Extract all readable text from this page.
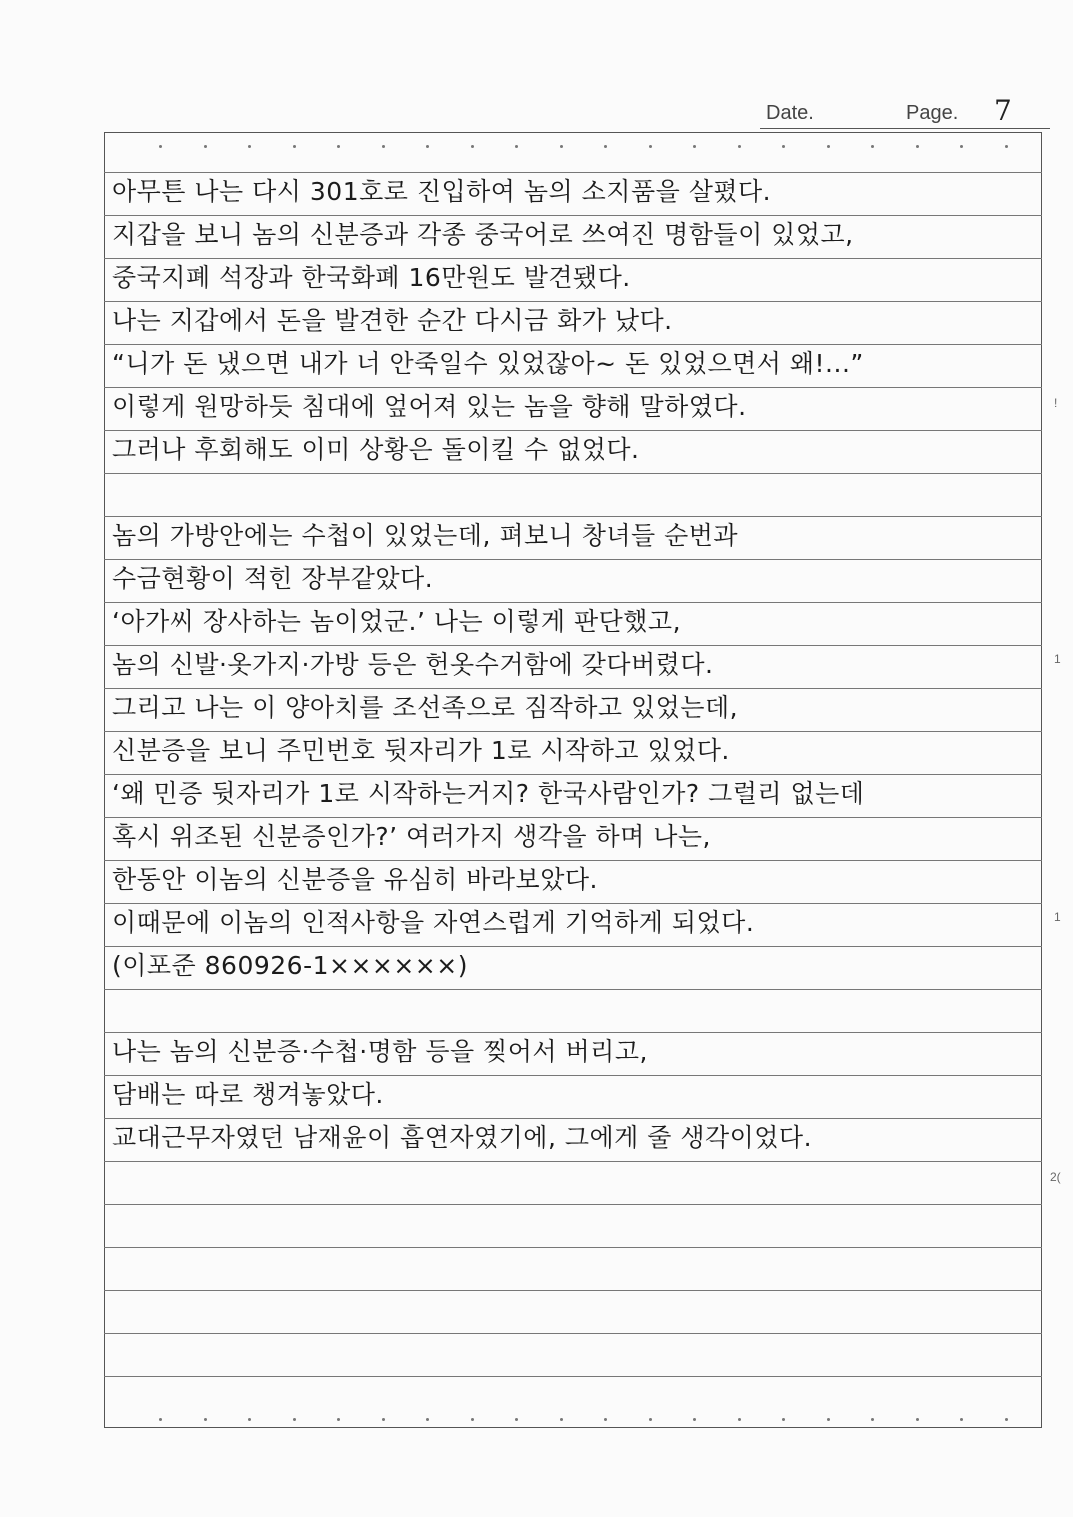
Date.	Page. 7
아무튼 나는 다시 301호로 진입하여 놈의 소지품을 살폈다.
지갑을 보니 놈의 신분증과 각종 중국어로 쓰여진 명함들이 있었고,
중국지폐 석장과 한국화폐 16만원도 발견됐다.
나는 지갑에서 돈을 발견한 순간 다시금 화가 났다.
“니가 돈 냈으면 내가 너 안죽일수 있었잖아~ 돈 있었으면서 왜!...”
이렇게 원망하듯 침대에 엎어져 있는 놈을 향해 말하였다.
그러나 후회해도 이미 상황은 돌이킬 수 없었다.
놈의 가방안에는 수첩이 있었는데, 펴보니 창녀들 순번과
수금현황이 적힌 장부같았다.
‘아가씨 장사하는 놈이었군.’ 나는 이렇게 판단했고,
놈의 신발·옷가지·가방 등은 헌옷수거함에 갖다버렸다.
그리고 나는 이 양아치를 조선족으로 짐작하고 있었는데,
신분증을 보니 주민번호 뒷자리가 1로 시작하고 있었다.
‘왜 민증 뒷자리가 1로 시작하는거지? 한국사람인가? 그럴리 없는데
혹시 위조된 신분증인가?’ 여러가지 생각을 하며 나는,
한동안 이놈의 신분증을 유심히 바라보았다.
이때문에 이놈의 인적사항을 자연스럽게 기억하게 되었다.
(이포준 860926-1××××××)
나는 놈의 신분증·수첩·명함 등을 찢어서 버리고,
담배는 따로 챙겨놓았다.
교대근무자였던 남재윤이 흡연자였기에, 그에게 줄 생각이었다.
!
1
1
2(
